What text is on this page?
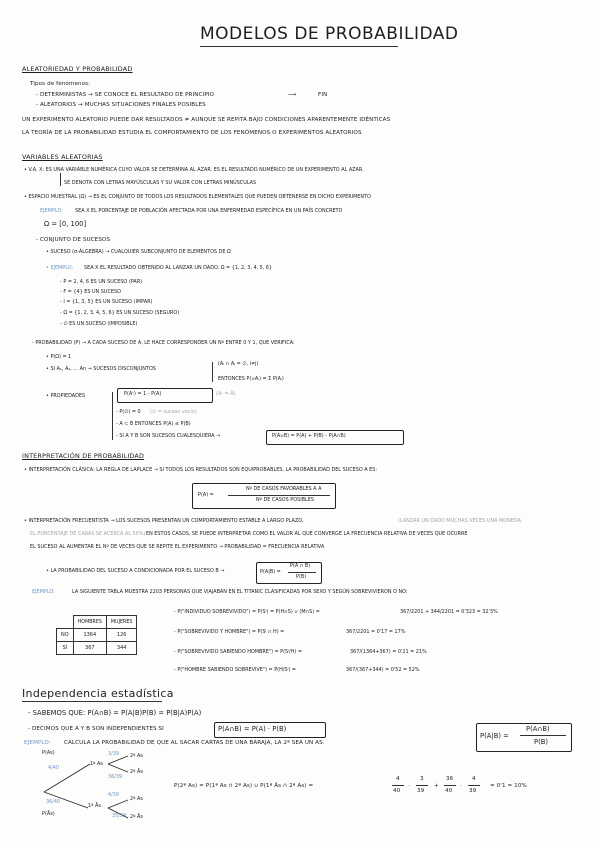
MODELOS DE PROBABILIDAD
ALEATORIEDAD Y PROBABILIDAD
Tipos de fenómenos:
- DETERMINISTAS → SE CONOCE EL RESULTADO DE PRINCIPIO	⟶	FIN
- ALEATORIOS → MUCHAS SITUACIONES FINALES POSIBLES
UN EXPERIMENTO ALEATORIO PUEDE DAR RESULTADOS ≠ AUNQUE SE REPITA BAJO CONDICIONES APARENTEMENTE IDÉNTICAS
LA TEORÍA DE LA PROBABILIDAD ESTUDIA EL COMPORTAMIENTO DE LOS FENÓMENOS O EXPERIMENTOS ALEATORIOS
VARIABLES ALEATORIAS
• V.A. X: ES UNA VARIABLE NUMÉRICA CUYO VALOR SE DETERMINA AL AZAR. ES EL RESULTADO NUMÉRICO DE UN EXPERIMENTO AL AZAR.
SE DENOTA CON LETRAS MAYÚSCULAS Y SU VALOR CON LETRAS MINÚSCULAS
• ESPACIO MUESTRAL (Ω) → ES EL CONJUNTO DE TODOS LOS RESULTADOS ELEMENTALES QUE PUEDEN OBTENERSE EN DICHO EXPERIMENTO
EJEMPLO: SEA X EL PORCENTAJE DE POBLACIÓN AFECTADA POR UNA ENFERMEDAD ESPECÍFICA EN UN PAÍS CONCRETO
Ω = [0, 100]
- CONJUNTO DE SUCESOS
• SUCESO (σ-ÁLGEBRA) → CUALQUIER SUBCONJUNTO DE ELEMENTOS DE Ω
• EJEMPLO: SEA X EL RESULTADO OBTENIDO AL LANZAR UN DADO. Ω = {1, 2, 3, 4, 5, 6}
- P = 2, 4, 6 ES UN SUCESO (PAR)
- F = {4} ES UN SUCESO
- I = {1, 3, 5} ES UN SUCESO (IMPAR)
- Ω = {1, 2, 3, 4, 5, 6} ES UN SUCESO (SEGURO)
- ∅ ES UN SUCESO (IMPOSIBLE)
- PROBABILIDAD (P) → A CADA SUCESO DE A, LE HACE CORRESPONDER UN Nº ENTRE 0 Y 1, QUE VERIFICA:
• P(Ω) = 1
• SI A₁, A₂, ... An → SUCESOS DISCONJUNTOS
(Aᵢ ∩ Aⱼ = ∅, i≠j)
ENTONCES P(∪Aᵢ) = Σ P(Aᵢ)
• PROPIEDADES	P(Aᶜ) = 1 - P(A)	(Aᶜ = Ā)
- P(∅) = 0 (∅ = suceso vacío)
- A ⊂ B ENTONCES P(A) ≤ P(B)
- SI A Y B SON SUCESOS CUALESQUIERA →	P(A∪B) = P(A) + P(B) - P(A∩B)
INTERPRETACIÓN DE PROBABILIDAD
• INTERPRETACIÓN CLÁSICA: LA REGLA DE LAPLACE → SI TODOS LOS RESULTADOS SON EQUIPROBABLES, LA PROBABILIDAD DEL SUCESO A ES:
P(A) =
Nº DE CASOS FAVORABLES A A
Nº DE CASOS POSIBLES
• INTERPRETACIÓN FRECUENTISTA → LOS SUCESOS PRESENTAN UN COMPORTAMIENTO ESTABLE A LARGO PLAZO.	(LANZAR UN DADO MUCHAS VECES UNA MONEDA,
EL PORCENTAJE DE CARAS SE ACERCA AL 50%) EN ESTOS CASOS, SE PUEDE INTERPRETAR COMO EL VALOR AL QUE CONVERGE LA FRECUENCIA RELATIVA DE VECES QUE OCURRE
EL SUCESO AL AUMENTAR EL Nº DE VECES QUE SE REPITE EL EXPERIMENTO → PROBABILIDAD = FRECUENCIA RELATIVA
• LA PROBABILIDAD DEL SUCESO A CONDICIONADA POR EL SUCESO B →	P(A|B) =
P(A ∩ B)
P(B)
EJEMPLO:	LA SIGUIENTE TABLA MUESTRA 2203 PERSONAS QUE VIAJABAN EN EL TITANIC CLASIFICADAS POR SEXO Y SEGÚN SOBREVIVIERON O NO:
	HOMBRES	MUJERES
NO	1364	126
SÍ	367	344
- P("INDIVIDUO SOBREVIVIDO") = P(Sᴵ) = P(H∩S) ∪ (M∩S) =	367/2201 + 344/2201 = 0'323 = 32'3%
- P("SOBREVIVIDO Y HOMBRE") = P(Sᴵ ∩ H) =	367/2201 = 0'17 = 17%
- P("SOBREVIVIDO SABIENDO HOMBRE") = P(Sᴵ/H) =	367/(1364+367) = 0'21 = 21%
- P("HOMBRE SABIENDO SOBREVIVE") = P(H/Sᴵ) =	367/(367+344) = 0'52 = 52%
Independencia estadística
- SABEMOS QUE: P(A∩B) = P(A|B)P(B) = P(B|A)P(A)
- DECIMOS QUE A Y B SON INDEPENDIENTES SI	P(A∩B) = P(A) · P(B)
EJEMPLO: CALCULA LA PROBABILIDAD DE QUE AL SACAR CARTAS DE UNA BARAJA, LA 2ª SEA UN AS.
P(A|B) =
P(A∩B)
P(B)
P(As)
P(Ās)
4/40
36/40
1ª As
1ª Ās
3/39
36/39
4/39
35/39
2ª As
2ª Ās
2ª As
2ª Ās
P(2ª As) = P(1ª As ∩ 2ª As) ∪ P(1ª Ās ∩ 2ª As) =
4
40
·
3
39
+
36
40
·
4
39
= 0'1 = 10%
